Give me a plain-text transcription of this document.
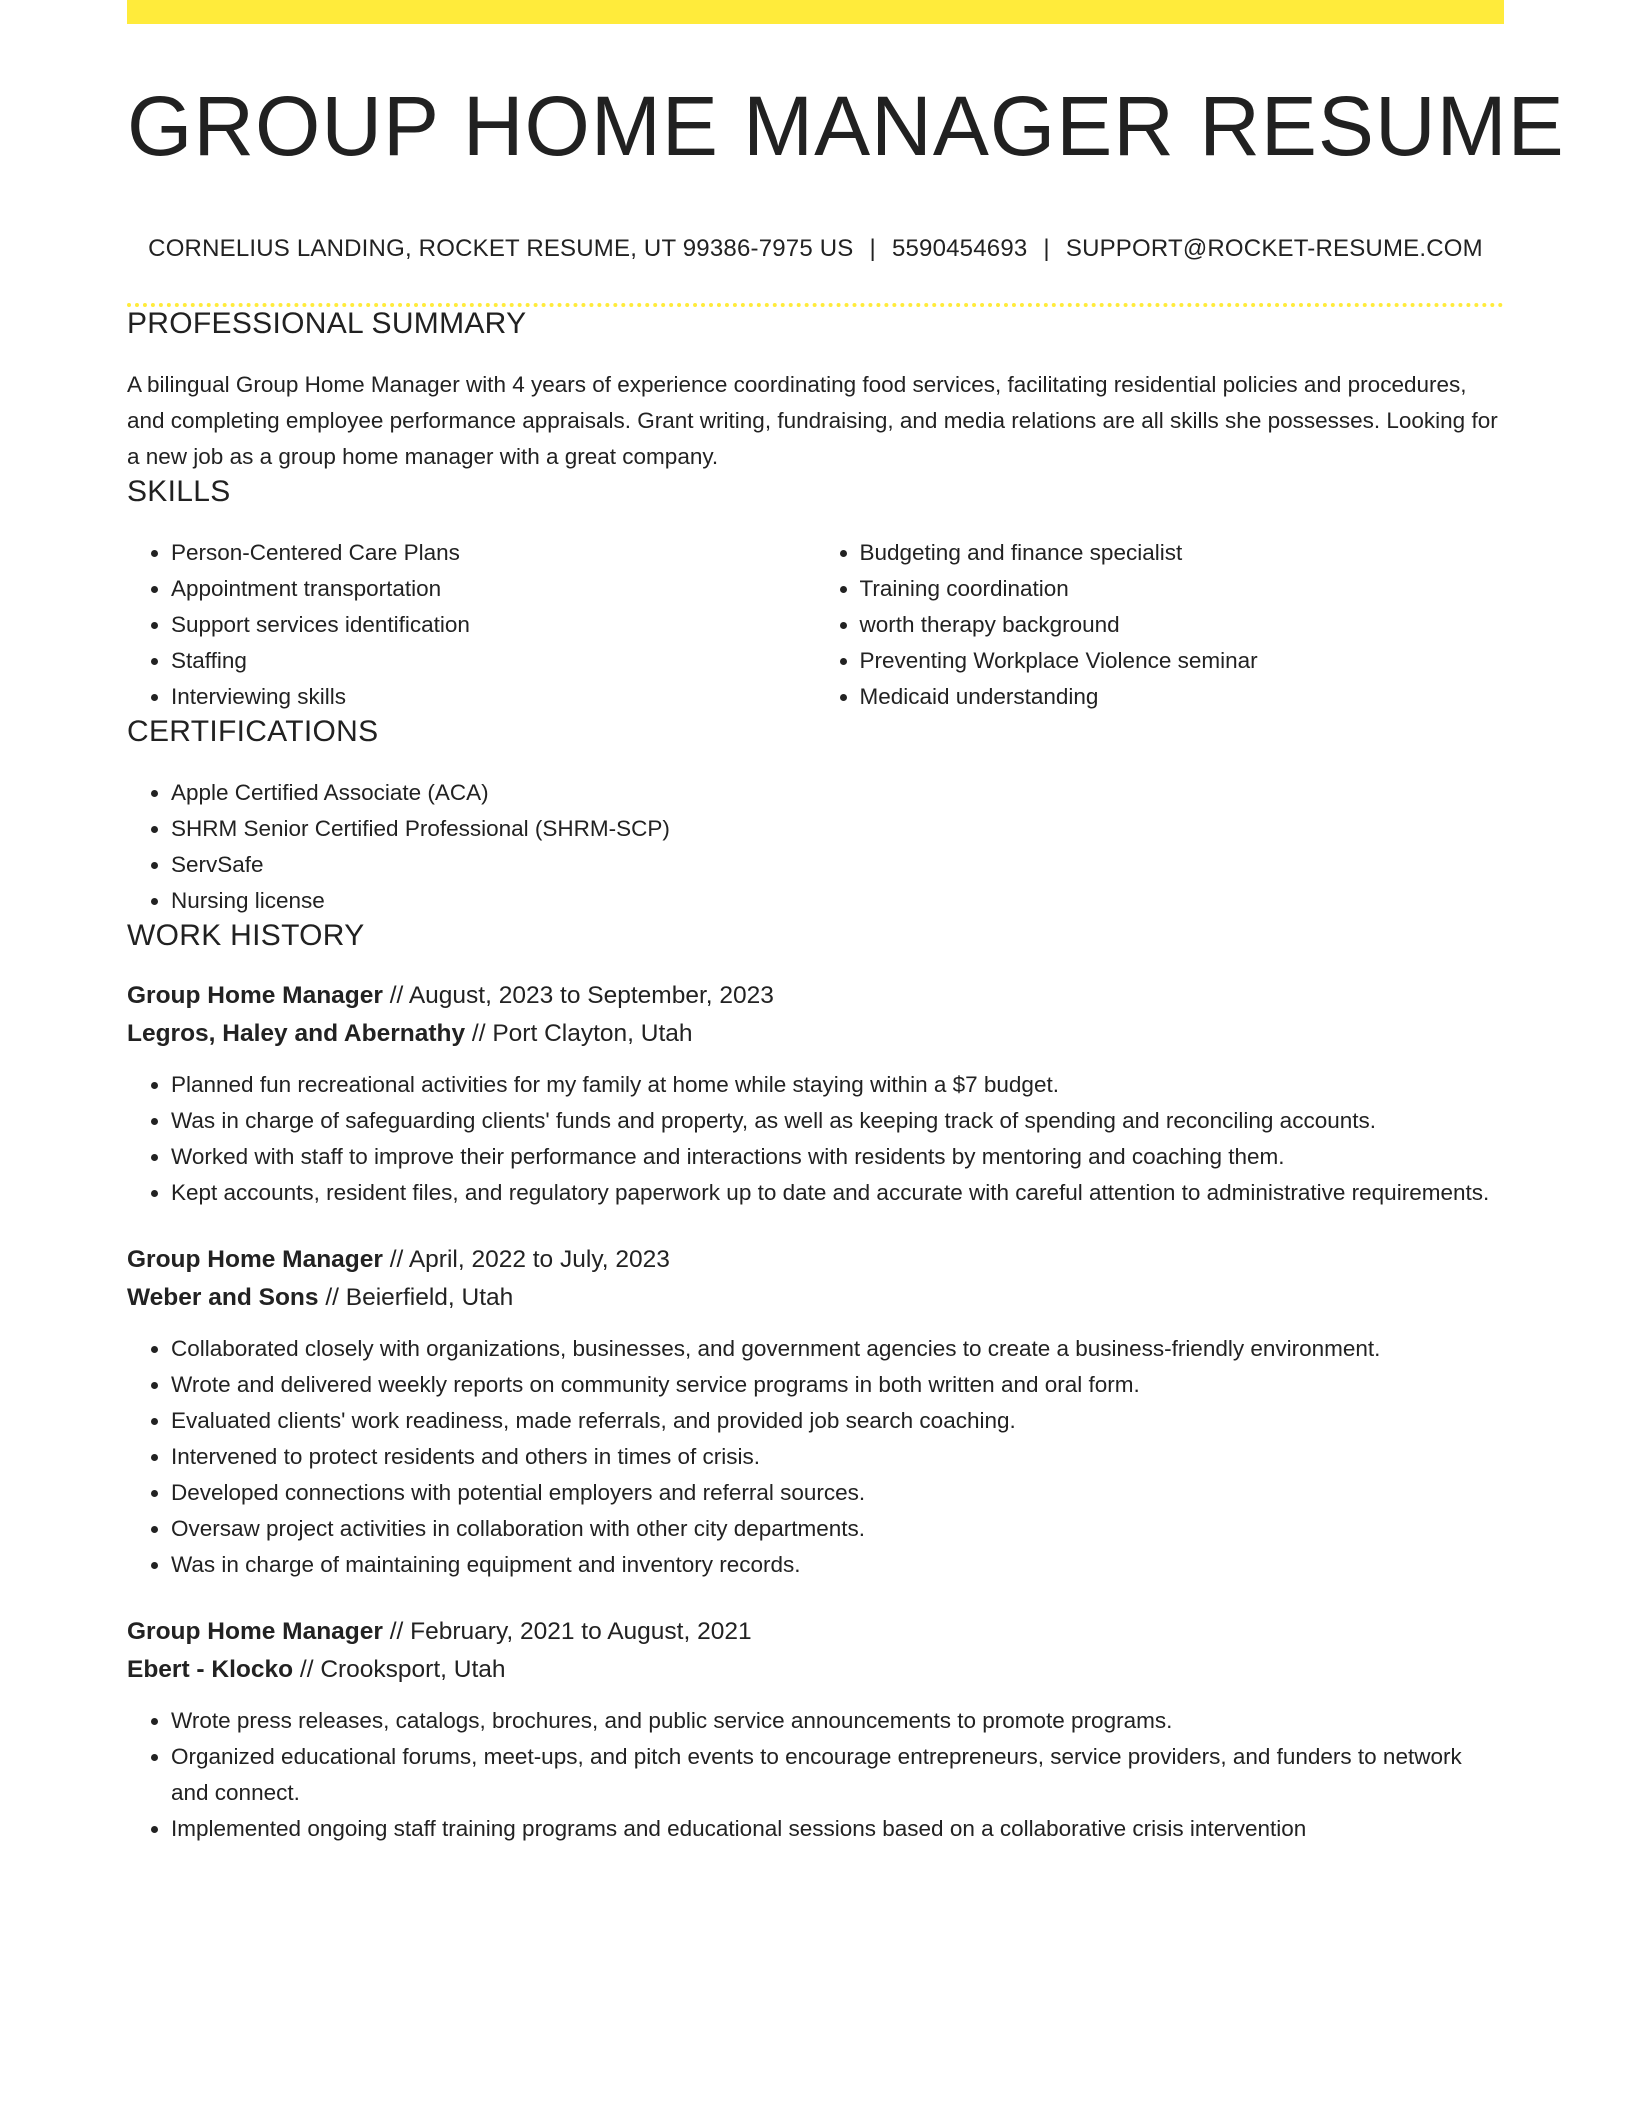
GROUP HOME MANAGER RESUME
CORNELIUS LANDING, ROCKET RESUME, UT 99386-7975 US | 5590454693 | SUPPORT@ROCKET-RESUME.COM
PROFESSIONAL SUMMARY

A bilingual Group Home Manager with 4 years of experience coordinating food services, facilitating residential policies and procedures, and completing employee performance appraisals. Grant writing, fundraising, and media relations are all skills she possesses. Looking for a new job as a group home manager with a great company.

SKILLS
• Person-Centered Care Plans
• Appointment transportation
• Support services identification
• Staffing
• Interviewing skills
• Budgeting and finance specialist
• Training coordination
• worth therapy background
• Preventing Workplace Violence seminar
• Medicaid understanding
CERTIFICATIONS
• Apple Certified Associate (ACA)
• SHRM Senior Certified Professional (SHRM-SCP)
• ServSafe
• Nursing license
WORK HISTORY
Group Home Manager // August, 2023 to September, 2023
Legros, Haley and Abernathy // Port Clayton, Utah
• Planned fun recreational activities for my family at home while staying within a $7 budget.
• Was in charge of safeguarding clients' funds and property, as well as keeping track of spending and reconciling accounts.
• Worked with staff to improve their performance and interactions with residents by mentoring and coaching them.
• Kept accounts, resident files, and regulatory paperwork up to date and accurate with careful attention to administrative requirements.
Group Home Manager // April, 2022 to July, 2023
Weber and Sons // Beierfield, Utah
• Collaborated closely with organizations, businesses, and government agencies to create a business-friendly environment.
• Wrote and delivered weekly reports on community service programs in both written and oral form.
• Evaluated clients' work readiness, made referrals, and provided job search coaching.
• Intervened to protect residents and others in times of crisis.
• Developed connections with potential employers and referral sources.
• Oversaw project activities in collaboration with other city departments.
• Was in charge of maintaining equipment and inventory records.
Group Home Manager // February, 2021 to August, 2021
Ebert - Klocko // Crooksport, Utah
• Wrote press releases, catalogs, brochures, and public service announcements to promote programs.
• Organized educational forums, meet-ups, and pitch events to encourage entrepreneurs, service providers, and funders to network and connect.
• Implemented ongoing staff training programs and educational sessions based on a collaborative crisis intervention
